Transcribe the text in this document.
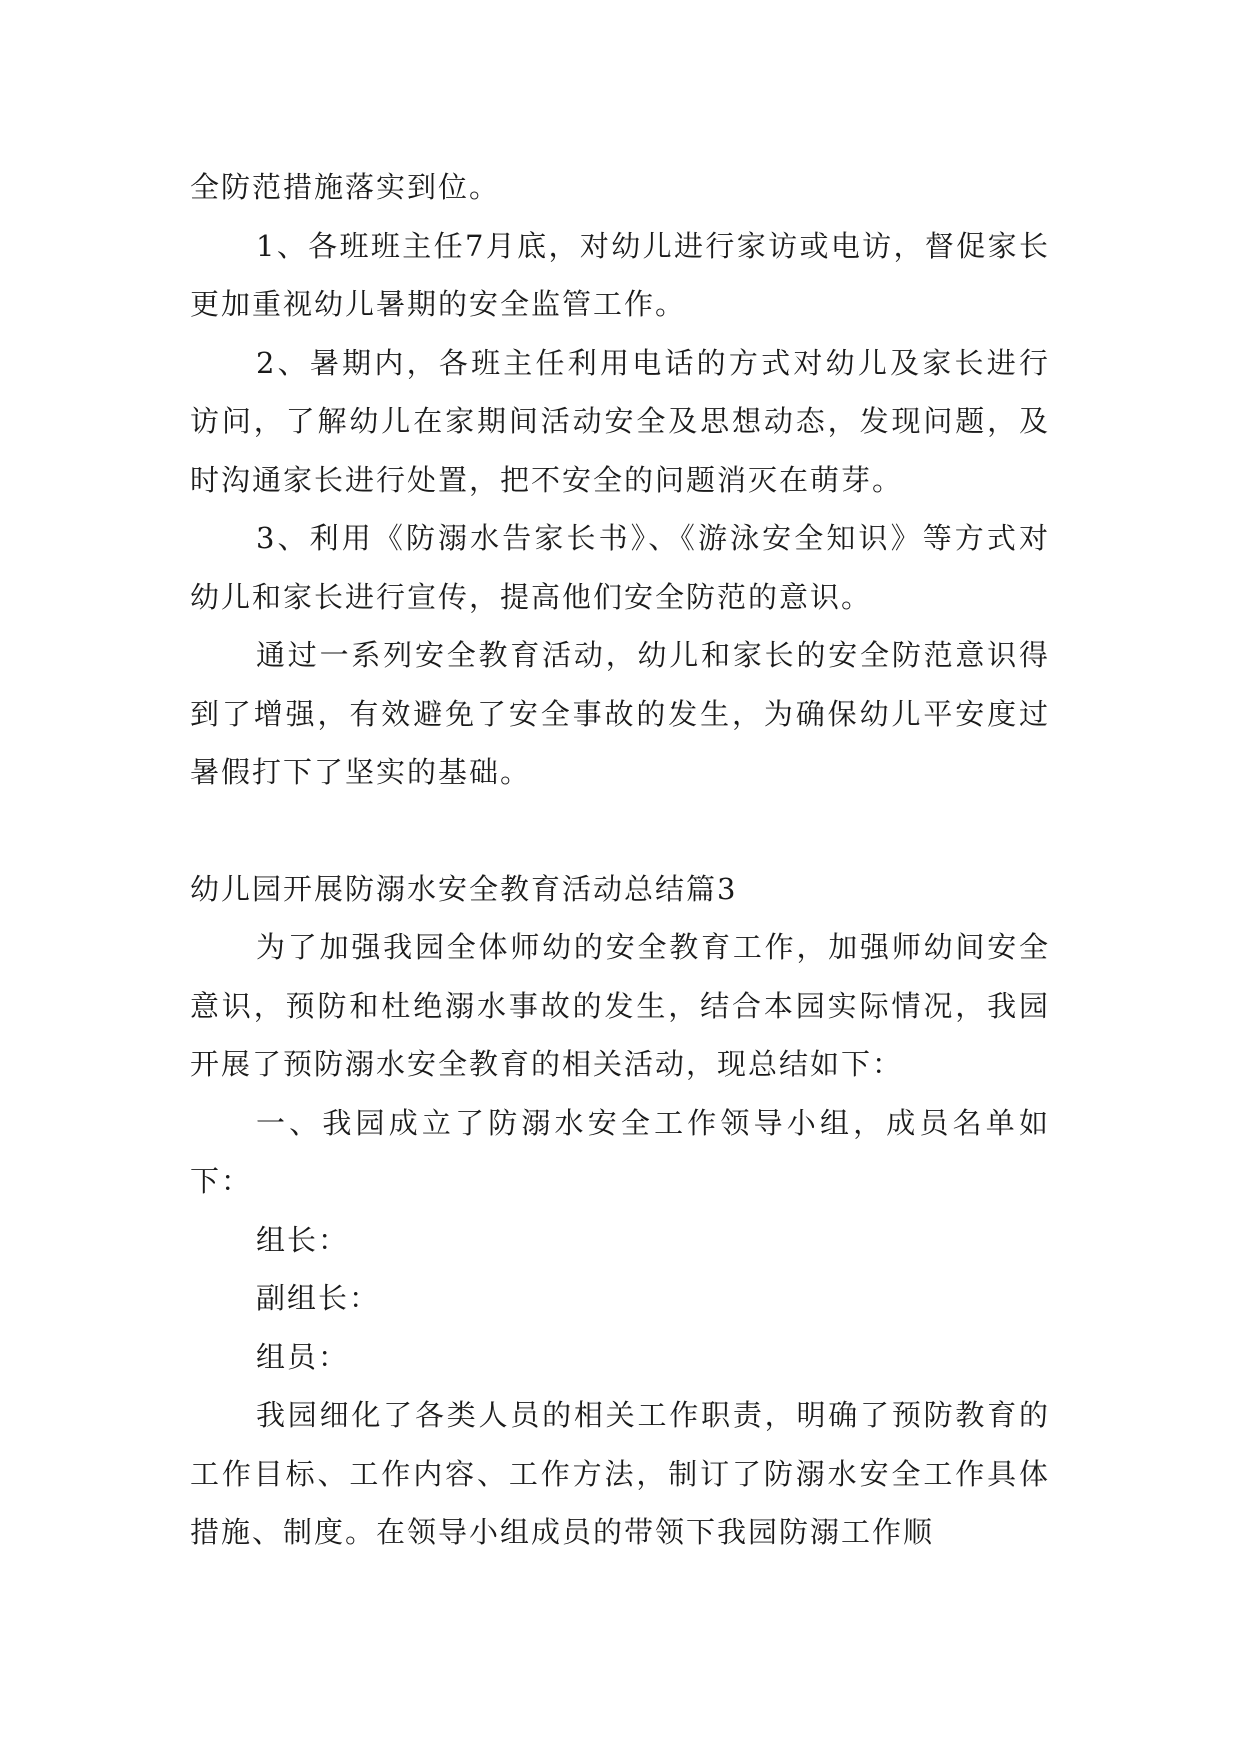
全防范措施落实到位。

1、各班班主任7月底，对幼儿进行家访或电访，督促家长更加重视幼儿暑期的安全监管工作。

2、暑期内，各班主任利用电话的方式对幼儿及家长进行访问，了解幼儿在家期间活动安全及思想动态，发现问题，及时沟通家长进行处置，把不安全的问题消灭在萌芽。

3、利用《防溺水告家长书》、《游泳安全知识》等方式对幼儿和家长进行宣传，提高他们安全防范的意识。

通过一系列安全教育活动，幼儿和家长的安全防范意识得到了增强，有效避免了安全事故的发生，为确保幼儿平安度过暑假打下了坚实的基础。

幼儿园开展防溺水安全教育活动总结篇3

为了加强我园全体师幼的安全教育工作，加强师幼间安全意识，预防和杜绝溺水事故的发生，结合本园实际情况，我园开展了预防溺水安全教育的相关活动，现总结如下：

一、我园成立了防溺水安全工作领导小组，成员名单如下：

组长：

副组长：

组员：

我园细化了各类人员的相关工作职责，明确了预防教育的工作目标、工作内容、工作方法，制订了防溺水安全工作具体措施、制度。在领导小组成员的带领下我园防溺工作顺
